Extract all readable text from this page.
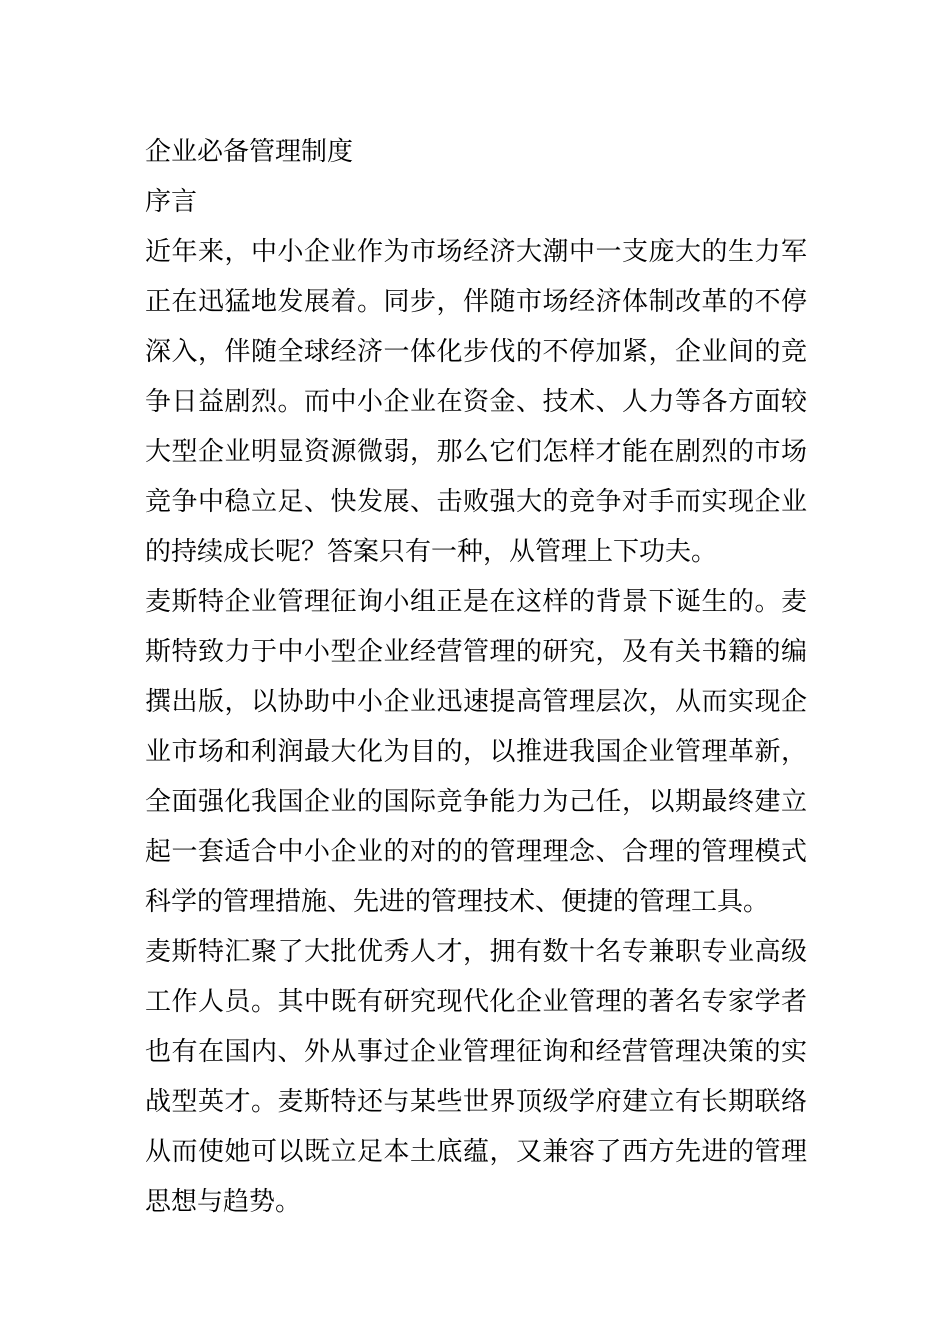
企业必备管理制度

序言

近年来，中小企业作为市场经济大潮中一支庞大的生力军正在迅猛地发展着。同步，伴随市场经济体制改革的不停深入，伴随全球经济一体化步伐的不停加紧，企业间的竞争日益剧烈。而中小企业在资金、技术、人力等各方面较大型企业明显资源微弱，那么它们怎样才能在剧烈的市场竞争中稳立足、快发展、击败强大的竞争对手而实现企业的持续成长呢？答案只有一种，从管理上下功夫。

麦斯特企业管理征询小组正是在这样的背景下诞生的。麦斯特致力于中小型企业经营管理的研究，及有关书籍的编撰出版，以协助中小企业迅速提高管理层次，从而实现企业市场和利润最大化为目的，以推进我国企业管理革新，全面强化我国企业的国际竞争能力为己任，以期最终建立起一套适合中小企业的对的的管理理念、合理的管理模式科学的管理措施、先进的管理技术、便捷的管理工具。

麦斯特汇聚了大批优秀人才，拥有数十名专兼职专业高级工作人员。其中既有研究现代化企业管理的著名专家学者也有在国内、外从事过企业管理征询和经营管理决策的实战型英才。麦斯特还与某些世界顶级学府建立有长期联络从而使她可以既立足本土底蕴，又兼容了西方先进的管理思想与趋势。
